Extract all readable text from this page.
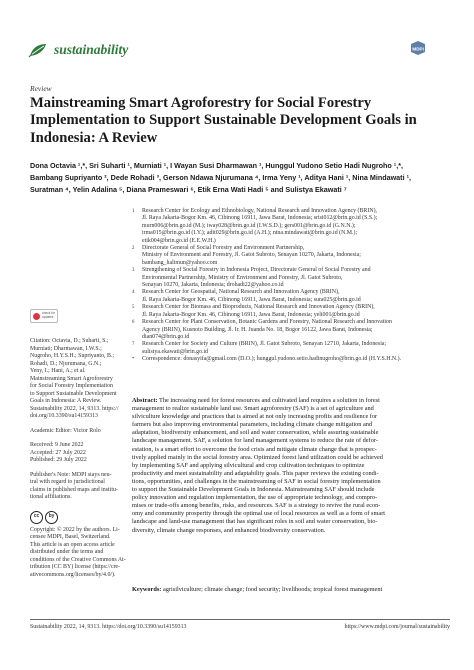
sustainability	MDPI
Review
Mainstreaming Smart Agroforestry for Social Forestry
Implementation to Support Sustainable Development Goals in
Indonesia: A Review
Dona Octavia ¹,*, Sri Suharti ¹, Murniati ¹, I Wayan Susi Dharmawan ¹, Hunggul Yudono Setio Hadi Nugroho ¹,*,
Bambang Supriyanto ², Dede Rohadi ³, Gerson Ndawa Njurumana ⁴, Irma Yeny ¹, Aditya Hani ¹, Nina Mindawati ¹,
Suratman ⁴, Yelin Adalina ⁵, Diana Prameswari ⁶, Etik Erna Wati Hadi ⁵ and Sulistya Ekawati ⁷
1 Research Center for Ecology and Ethnobiology, National Research and Innovation Agency (BRIN),
Jl. Raya Jakarta-Bogor Km. 46, Cibinong 16911, Jawa Barat, Indonesia; srisi012@brin.go.id (S.S.);
murn006@brin.go.id (M.); iway028@brin.go.id (I.W.S.D.); gers001@brin.go.id (G.N.N.);
irma015@brin.go.id (I.Y.); adit029@brin.go.id (A.H.); nina.mindawati@brin.go.id (N.M.);
etik004@brin.go.id (E.E.W.H.)
2 Directorate General of Social Forestry and Environment Partnership,
Ministry of Environment and Forestry, Jl. Gatot Subroto, Senayan 10270, Jakarta, Indonesia;
bambang_halimun@yahoo.com
3 Strengthening of Social Forestry in Indonesia Project, Directorate General of Social Forestry and
Environmental Partnership, Ministry of Environment and Forestry, Jl. Gatot Subroto,
Senayan 10270, Jakarta, Indonesia; drohadi22@yahoo.co.id
4 Research Center for Geospatial, National Research and Innovation Agency (BRIN),
Jl. Raya Jakarta-Bogor Km. 46, Cibinong 16911, Jawa Barat, Indonesia; sura025@brin.go.id
5 Research Center for Biomass and Bioproducts, National Research and Innovation Agency (BRIN),
Jl. Raya Jakarta-Bogor Km. 46, Cibinong 16911, Jawa Barat, Indonesia; yeli001@brin.go.id
6 Research Center for Plant Conservation, Botanic Gardens and Forestry, National Research and Innovation
Agency (BRIN), Kusnoto Building, Jl. Ir. H. Juanda No. 18, Bogor 16122, Jawa Barat, Indonesia;
dian074@brin.go.id
7 Research Center for Society and Culture (BRIN), Jl. Gatot Subroto, Senayan 12710, Jakarta, Indonesia;
sulistya.ekawati@brin.go.id
* Correspondence: donasyifa@gmail.com (D.O.); hunggul.yudono.setio.hadinugroho@brin.go.id (H.Y.S.H.N.).
check for
updates
Citation: Octavia, D.; Suharti, S.;
Murniati; Dharmawan, I.W.S.;
Nugroho, H.Y.S.H.; Supriyanto, B.;
Rohadi, D.; Njurumana, G.N.;
Yeny, I.; Hani, A.; et al.
Mainstreaming Smart Agroforestry
for Social Forestry Implementation
to Support Sustainable Development
Goals in Indonesia: A Review.
Sustainability 2022, 14, 9313. https://
doi.org/10.3390/su14159313
Academic Editor: Victor Rolo
Received: 9 June 2022
Accepted: 27 July 2022
Published: 29 July 2022
Publisher's Note: MDPI stays neu-
tral with regard to jurisdictional
claims in published maps and institu-
tional affiliations.
cc	by
Copyright: © 2022 by the authors. Li-
censee MDPI, Basel, Switzerland.
This article is an open access article
distributed under the terms and
conditions of the Creative Commons At-
tribution (CC BY) license (https://cre-
ativecommons.org/licenses/by/4.0/).
Abstract: The increasing need for forest resources and cultivated land requires a solution in forest
management to realize sustainable land use. Smart agroforestry (SAF) is a set of agriculture and
silviculture knowledge and practices that is aimed at not only increasing profits and resilience for
farmers but also improving environmental parameters, including climate change mitigation and
adaptation, biodiversity enhancement, and soil and water conservation, while assuring sustainable
landscape management. SAF, a solution for land management systems to reduce the rate of defor-
estation, is a smart effort to overcome the food crisis and mitigate climate change that is prospec-
tively applied mainly in the social forestry area. Optimized forest land utilization could be achieved
by implementing SAF and applying silvicultural and crop cultivation techniques to optimize
productivity and meet sustainability and adaptability goals. This paper reviews the existing condi-
tions, opportunities, and challenges in the mainstreaming of SAF in social forestry implementation
to support the Sustainable Development Goals in Indonesia. Mainstreaming SAF should include
policy innovation and regulation implementation, the use of appropriate technology, and compro-
mises or trade-offs among benefits, risks, and resources. SAF is a strategy to revive the rural econ-
omy and community prosperity through the optimal use of local resources as well as a form of smart
landscape and land-use management that has significant roles in soil and water conservation, bio-
diversity, climate change responses, and enhanced biodiversity conservation.
Keywords: agrisilviculture; climate change; food security; livelihoods; tropical forest management
Sustainability 2022, 14, 9313. https://doi.org/10.3390/su14159313	https://www.mdpi.com/journal/sustainability
